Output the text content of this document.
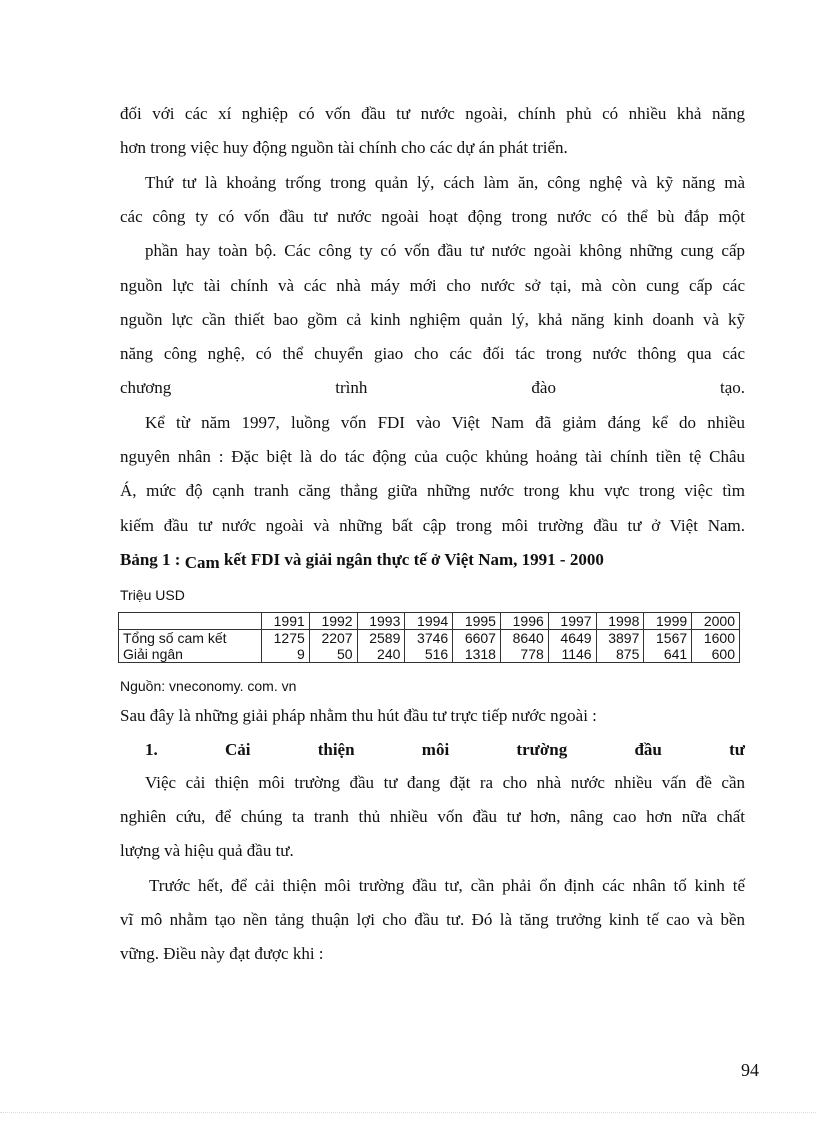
đối với các xí nghiệp có vốn đầu tư nước ngoài, chính phủ có nhiều khả năng
hơn trong việc huy động nguồn tài chính cho các dự án phát triển.
Thứ tư là khoảng trống trong quản lý, cách làm ăn, công nghệ và kỹ năng mà
các công ty có vốn đầu tư nước ngoài hoạt động trong nước có thể bù đắp một
phần hay toàn bộ. Các công ty có vốn đầu tư nước ngoài không những cung cấp
nguồn lực tài chính và các nhà máy mới cho nước sở tại, mà còn cung cấp các
nguồn lực cần thiết bao gồm cả kinh nghiệm quản lý, khả năng kinh doanh và kỹ
năng công nghệ, có thể chuyển giao cho các đối tác trong nước thông qua các
chương trình đào tạo.
Kể từ năm 1997, luồng vốn FDI vào Việt Nam đã giảm đáng kể do nhiều
nguyên nhân : Đặc biệt là do tác động của cuộc khủng hoảng tài chính tiền tệ Châu
Á, mức độ cạnh tranh căng thẳng giữa những nước trong khu vực trong việc tìm
kiếm đầu tư nước ngoài và những bất cập trong môi trường đầu tư ở Việt Nam.
Bảng 1 : Cam kết FDI và giải ngân thực tế ở Việt Nam, 1991 - 2000
Triệu USD
	1991	1992	1993	1994	1995	1996	1997	1998	1999	2000
Tổng số cam kết	1275	2207	2589	3746	6607	8640	4649	3897	1567	1600
Giải ngân	9	50	240	516	1318	778	1146	875	641	600
Nguồn: vneconomy. com. vn
Sau đây là những giải pháp nhằm thu hút đầu tư trực tiếp nước ngoài :
1.	Cải	thiện	môi	trường	đầu	tư
Việc cải thiện môi trường đầu tư đang đặt ra cho nhà nước nhiều vấn đề cần
nghiên cứu, để chúng ta tranh thủ nhiều vốn đầu tư hơn, nâng cao hơn nữa chất
lượng và hiệu quả đầu tư.
Trước hết, để cải thiện môi trường đầu tư, cần phải ổn định các nhân tố kinh tế
vĩ mô nhằm tạo nền tảng thuận lợi cho đầu tư. Đó là tăng trưởng kinh tế cao và bền
vững. Điều này đạt được khi :
94
